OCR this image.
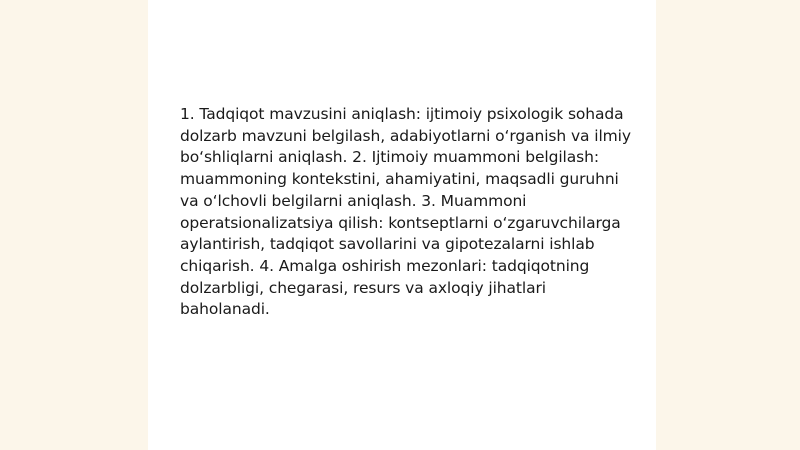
1. Tadqiqot mavzusini aniqlash: ijtimoiy psixologik sohada dolzarb mavzuni belgilash, adabiyotlarni o‘rganish va ilmiy bo‘shliqlarni aniqlash. 2. Ijtimoiy muammoni belgilash: muammoning kontekstini, ahamiyatini, maqsadli guruhni va o‘lchovli belgilarni aniqlash. 3. Muammoni operatsionalizatsiya qilish: kontseptlarni o‘zgaruvchilarga aylantirish, tadqiqot savollarini va gipotezalarni ishlab chiqarish. 4. Amalga oshirish mezonlari: tadqiqotning dolzarbligi, chegarasi, resurs va axloqiy jihatlari baholanadi.
